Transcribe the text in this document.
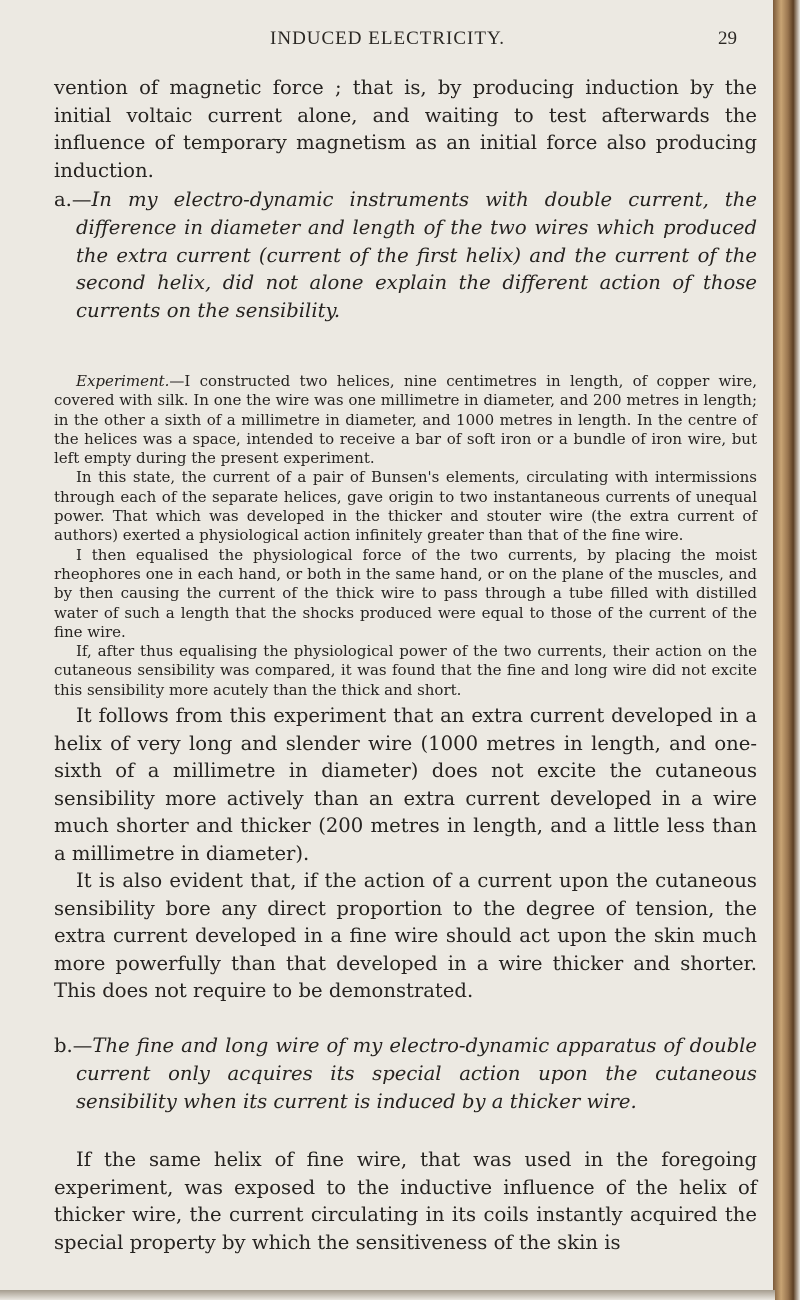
INDUCED ELECTRICITY.	29

vention of magnetic force ; that is, by producing induction by the initial voltaic current alone, and waiting to test afterwards the influence of temporary magnetism as an initial force also producing induction.

a.—In my electro-dynamic instruments with double current, the difference in diameter and length of the two wires which produced the extra current (current of the first helix) and the current of the second helix, did not alone explain the different action of those currents on the sensibility.

Experiment.—I constructed two helices, nine centimetres in length, of copper wire, covered with silk. In one the wire was one millimetre in diameter, and 200 metres in length; in the other a sixth of a millimetre in diameter, and 1000 metres in length. In the centre of the helices was a space, intended to receive a bar of soft iron or a bundle of iron wire, but left empty during the present experiment.

In this state, the current of a pair of Bunsen's elements, circulating with intermissions through each of the separate helices, gave origin to two instantaneous currents of unequal power. That which was developed in the thicker and stouter wire (the extra current of authors) exerted a physiological action infinitely greater than that of the fine wire.

I then equalised the physiological force of the two currents, by placing the moist rheophores one in each hand, or both in the same hand, or on the plane of the muscles, and by then causing the current of the thick wire to pass through a tube filled with distilled water of such a length that the shocks produced were equal to those of the current of the fine wire.

If, after thus equalising the physiological power of the two currents, their action on the cutaneous sensibility was compared, it was found that the fine and long wire did not excite this sensibility more acutely than the thick and short.

It follows from this experiment that an extra current developed in a helix of very long and slender wire (1000 metres in length, and one-sixth of a millimetre in diameter) does not excite the cutaneous sensibility more actively than an extra current developed in a wire much shorter and thicker (200 metres in length, and a little less than a millimetre in diameter).

It is also evident that, if the action of a current upon the cutaneous sensibility bore any direct proportion to the degree of tension, the extra current developed in a fine wire should act upon the skin much more powerfully than that developed in a wire thicker and shorter. This does not require to be demonstrated.

b.—The fine and long wire of my electro-dynamic apparatus of double current only acquires its special action upon the cutaneous sensibility when its current is induced by a thicker wire.

If the same helix of fine wire, that was used in the foregoing experiment, was exposed to the inductive influence of the helix of thicker wire, the current circulating in its coils instantly acquired the special property by which the sensitiveness of the skin is
